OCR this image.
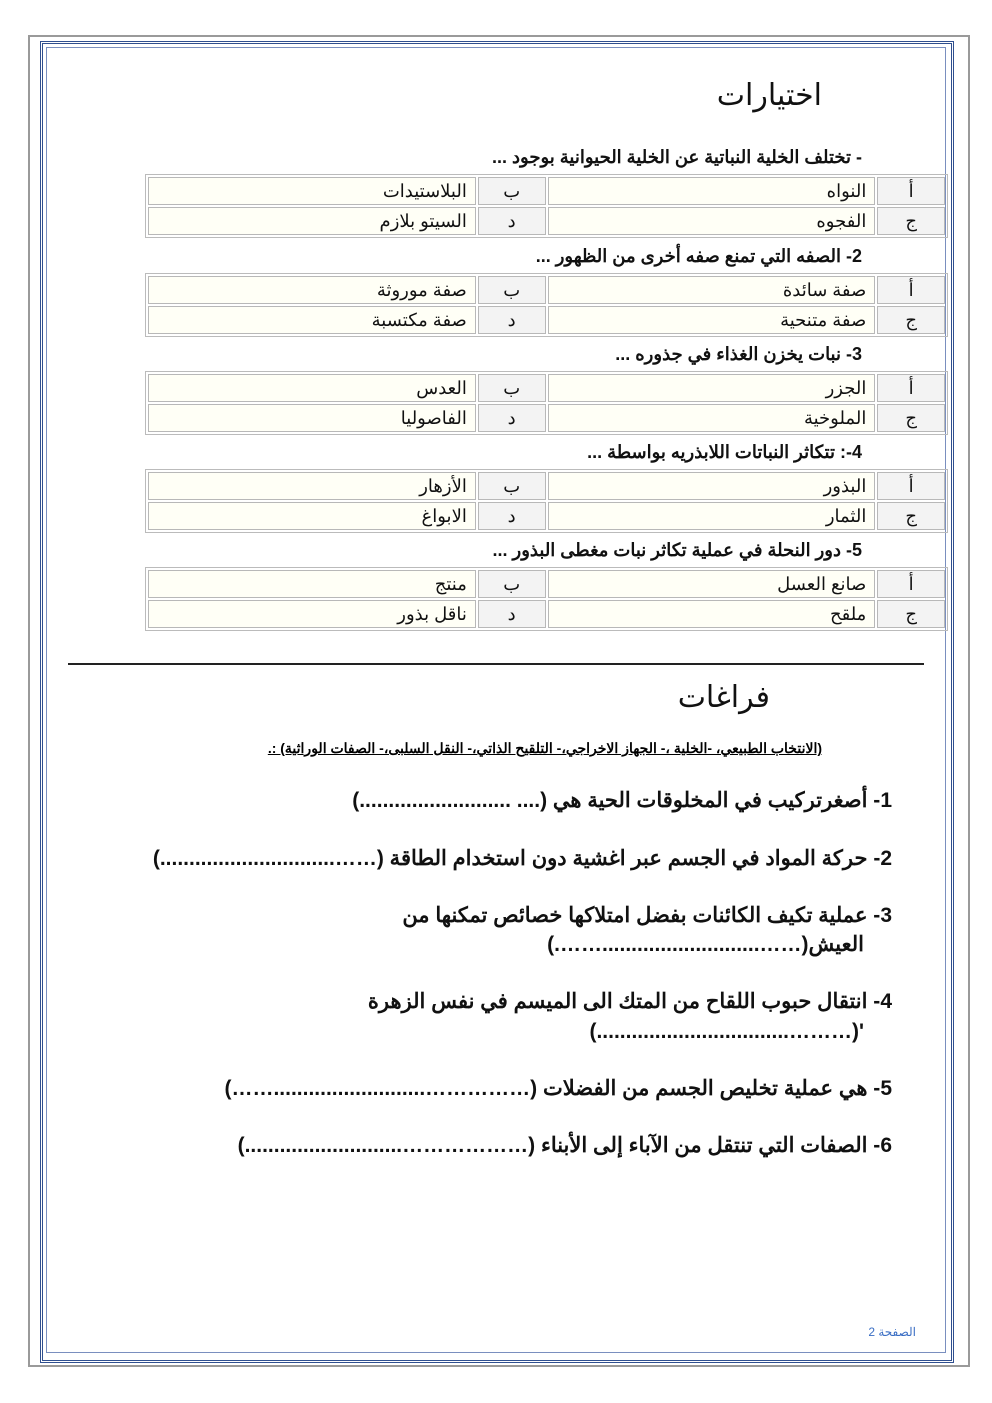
اختيارات
- تختلف الخلية النباتية عن الخلية الحيوانية بوجود ...
أ	النواه	ب	البلاستيدات
ج	الفجوه	د	السيتو بلازم
2- الصفه التي تمنع صفه أخرى من الظهور ...
أ	صفة سائدة	ب	صفة موروثة
ج	صفة متنحية	د	صفة مكتسبة
3- نبات يخزن الغذاء في جذوره ...
أ	الجزر	ب	العدس
ج	الملوخية	د	الفاصوليا
4-: تتكاثر النباتات اللابذريه بواسطة ...
أ	البذور	ب	الأزهار
ج	الثمار	د	الابواغ
5- دور النحلة في عملية تكاثر نبات مغطى البذور ...
أ	صانع العسل	ب	منتج
ج	ملقح	د	ناقل بذور
فراغات
(الانتخاب الطبيعي، -الخلية ،- الجهاز الاخراجي،- التلقيح الذاتي،- النقل السلبى،- الصفات الوراثية) :.
1- أصغرتركيب في المخلوقات الحية هي (.... ..........................)
2- حركة المواد في الجسم عبر اغشية دون استخدام الطاقة (……..............................)
3- عملية تكيف الكائنات بفضل امتلاكها خصائص تمكنها من
العيش(……...........................…….)
4- انتقال حبوب اللقاح من المتك الى الميسم في نفس الزهرة
'(……….................................)
5- هي عملية تخليص الجسم من الفضلات (……………..........................……)
6- الصفات التي تنتقل من الآباء إلى الأبناء (………………...........................)
الصفحة 2
